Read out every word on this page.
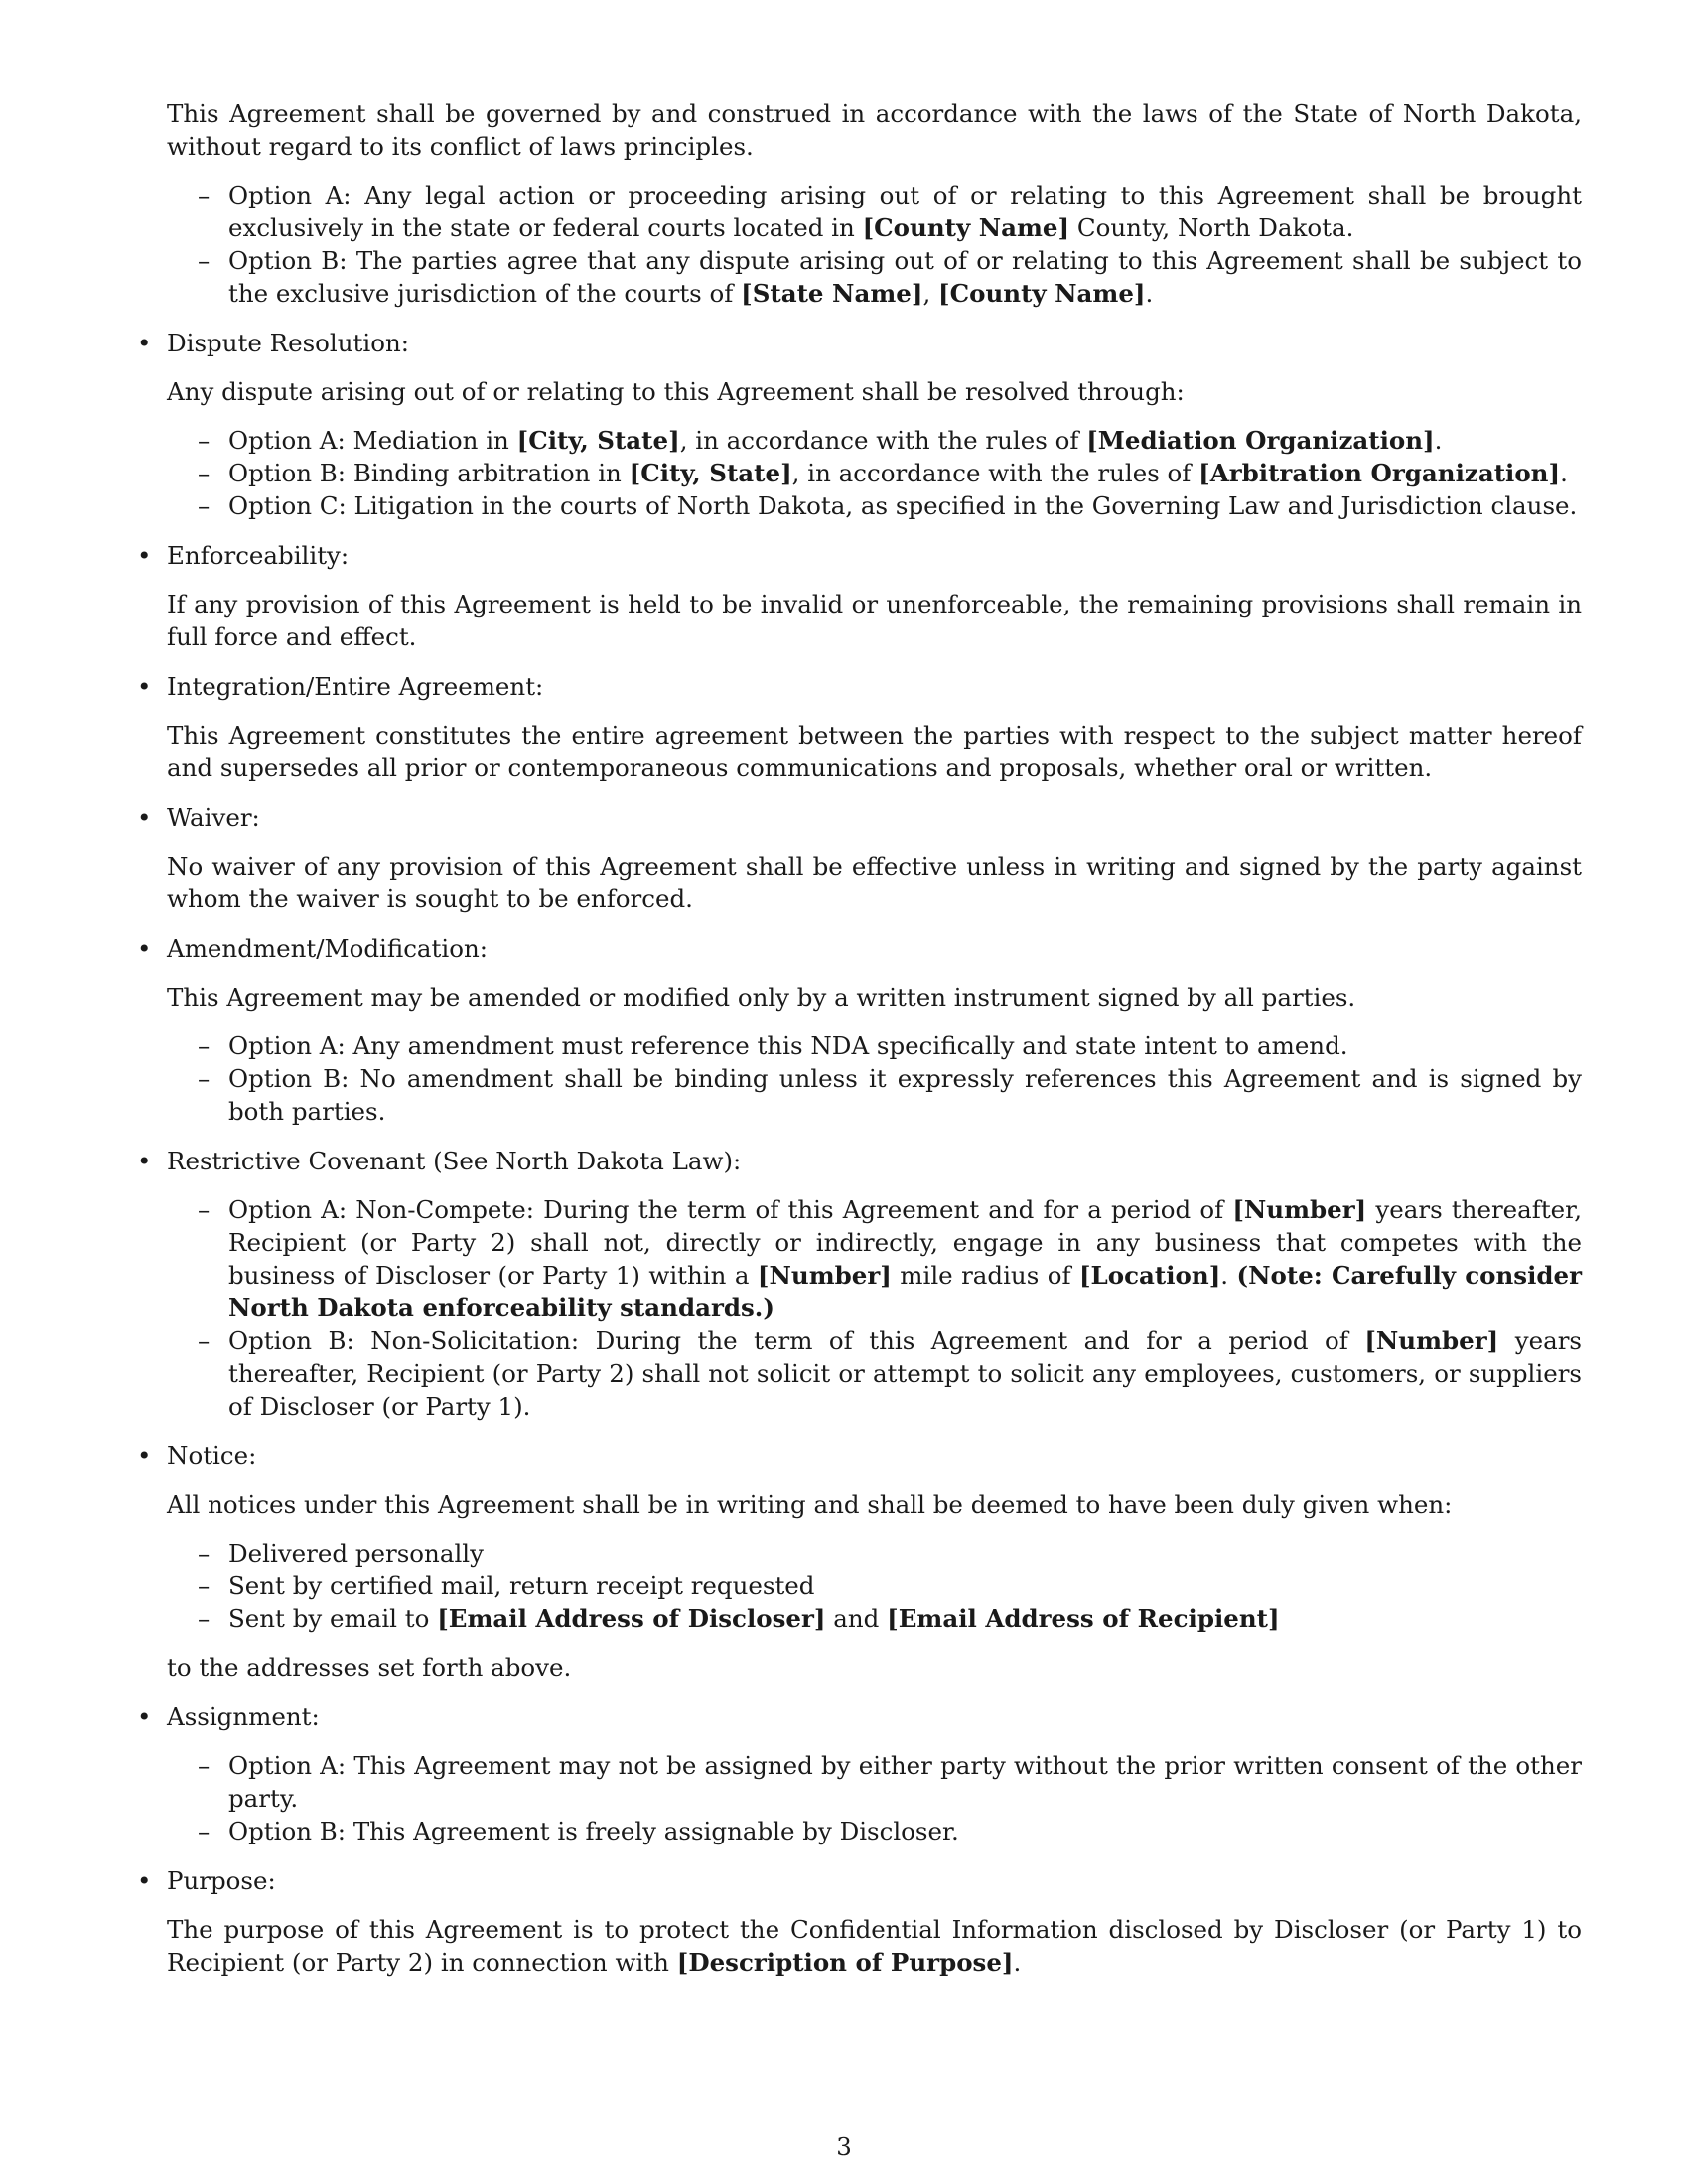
This Agreement shall be governed by and construed in accordance with the laws of the State of North Dakota, without regard to its conflict of laws principles.

– Option A: Any legal action or proceeding arising out of or relating to this Agreement shall be brought exclusively in the state or federal courts located in [County Name] County, North Dakota.
– Option B: The parties agree that any dispute arising out of or relating to this Agreement shall be subject to the exclusive jurisdiction of the courts of [State Name], [County Name].

• Dispute Resolution:

Any dispute arising out of or relating to this Agreement shall be resolved through:

– Option A: Mediation in [City, State], in accordance with the rules of [Mediation Organization].
– Option B: Binding arbitration in [City, State], in accordance with the rules of [Arbitration Organization].
– Option C: Litigation in the courts of North Dakota, as specified in the Governing Law and Jurisdiction clause.

• Enforceability:

If any provision of this Agreement is held to be invalid or unenforceable, the remaining provisions shall remain in full force and effect.

• Integration/Entire Agreement:

This Agreement constitutes the entire agreement between the parties with respect to the subject matter hereof and supersedes all prior or contemporaneous communications and proposals, whether oral or written.

• Waiver:

No waiver of any provision of this Agreement shall be effective unless in writing and signed by the party against whom the waiver is sought to be enforced.

• Amendment/Modification:

This Agreement may be amended or modified only by a written instrument signed by all parties.

– Option A: Any amendment must reference this NDA specifically and state intent to amend.
– Option B: No amendment shall be binding unless it expressly references this Agreement and is signed by both parties.

• Restrictive Covenant (See North Dakota Law):

– Option A: Non-Compete: During the term of this Agreement and for a period of [Number] years thereafter, Recipient (or Party 2) shall not, directly or indirectly, engage in any business that competes with the business of Discloser (or Party 1) within a [Number] mile radius of [Location]. (Note: Carefully consider North Dakota enforceability standards.)
– Option B: Non-Solicitation: During the term of this Agreement and for a period of [Number] years thereafter, Recipient (or Party 2) shall not solicit or attempt to solicit any employees, customers, or suppliers of Discloser (or Party 1).

• Notice:

All notices under this Agreement shall be in writing and shall be deemed to have been duly given when:

– Delivered personally
– Sent by certified mail, return receipt requested
– Sent by email to [Email Address of Discloser] and [Email Address of Recipient]

to the addresses set forth above.

• Assignment:

– Option A: This Agreement may not be assigned by either party without the prior written consent of the other party.
– Option B: This Agreement is freely assignable by Discloser.

• Purpose:

The purpose of this Agreement is to protect the Confidential Information disclosed by Discloser (or Party 1) to Recipient (or Party 2) in connection with [Description of Purpose].

3
